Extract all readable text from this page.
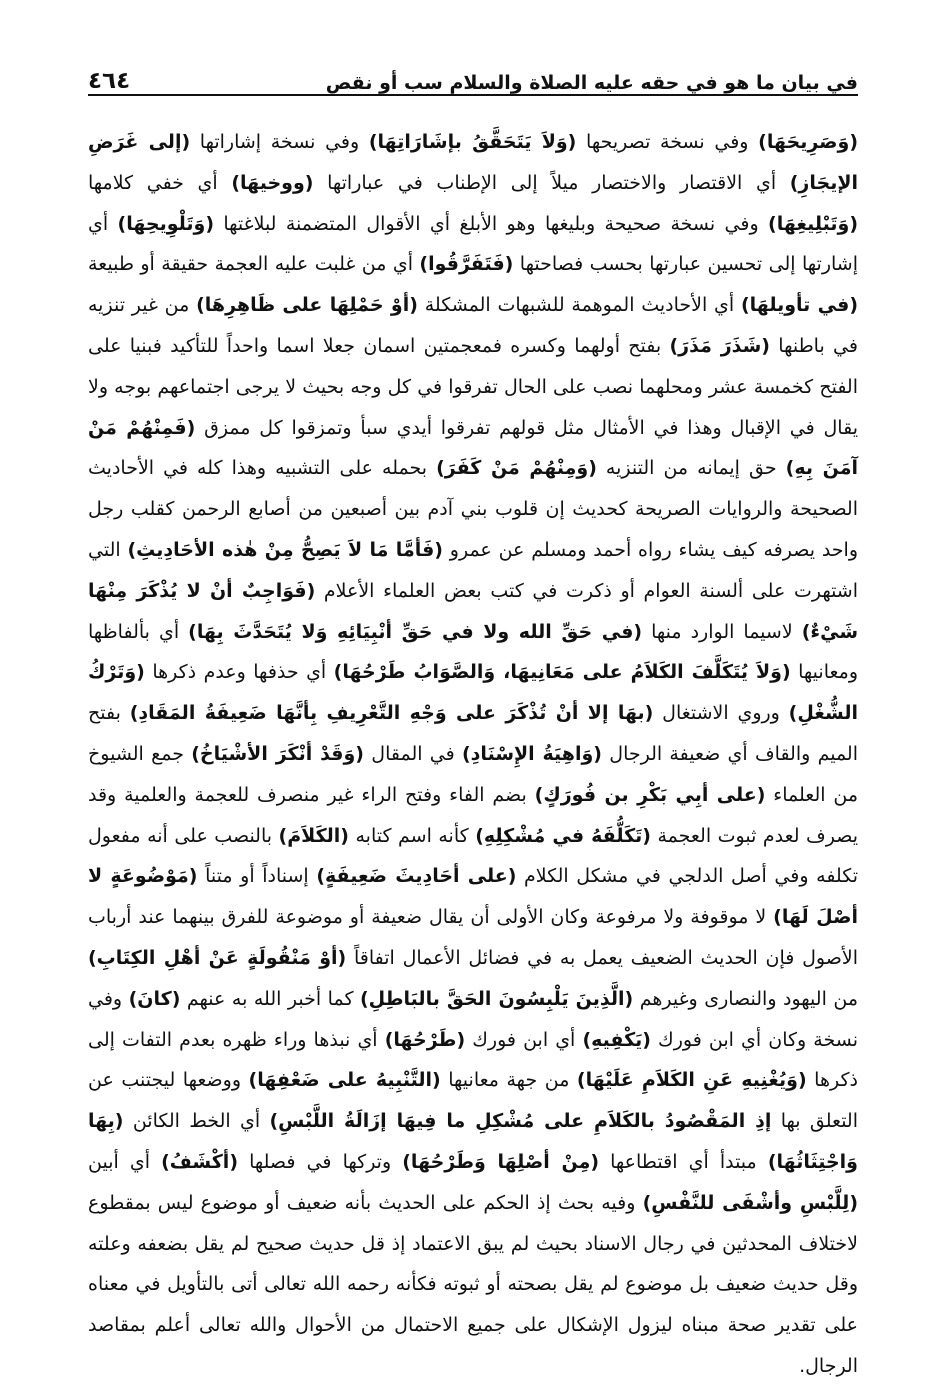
في بيان ما هو في حقه عليه الصلاة والسلام سب أو نقص
٤٦٤

(وَصَرِيحَهَا) وفي نسخة تصريحها (وَلاَ يَتَحَقَّقُ بإشَارَاتِهَا) وفي نسخة إشاراتها (إلى غَرَضِ الإيجَازِ) أي الاقتصار والاختصار ميلاً إلى الإطناب في عباراتها (ووخيهَا) أي خفي كلامها (وَتَبْلِيغِهَا) وفي نسخة صحيحة وبليغها وهو الأبلغ أي الأقوال المتضمنة لبلاغتها (وَتَلْوِيحِهَا) أي إشارتها إلى تحسين عبارتها بحسب فصاحتها (فَتَفَرَّقُوا) أي من غلبت عليه العجمة حقيقة أو طبيعة (في تأويلهَا) أي الأحاديث الموهمة للشبهات المشكلة (أوْ حَمْلِهَا على ظَاهِرِهَا) من غير تنزيه في باطنها (شَذَرَ مَذَرَ) بفتح أولهما وكسره فمعجمتين اسمان جعلا اسما واحداً للتأكيد فبنيا على الفتح كخمسة عشر ومحلهما نصب على الحال تفرقوا في كل وجه بحيث لا يرجى اجتماعهم بوجه ولا يقال في الإقبال وهذا في الأمثال مثل قولهم تفرقوا أيدي سبأ وتمزقوا كل ممزق (فَمِنْهُمْ مَنْ آمَنَ بِهِ) حق إيمانه من التنزيه (وَمِنْهُمْ مَنْ كَفَرَ) بحمله على التشبيه وهذا كله في الأحاديث الصحيحة والروايات الصريحة كحديث إن قلوب بني آدم بين أصبعين من أصابع الرحمن كقلب رجل واحد يصرفه كيف يشاء رواه أحمد ومسلم عن عمرو (فَأمَّا مَا لاَ يَصِحُّ مِنْ هٰذه الأحَادِيثِ) التي اشتهرت على ألسنة العوام أو ذكرت في كتب بعض العلماء الأعلام (فَوَاجِبٌ أنْ لا يُذْكَرَ مِنْهَا شَيْءٌ) لاسيما الوارد منها (في حَقِّ الله ولا في حَقِّ أنْبِيَائِهِ وَلا يُتَحَدَّثَ بِهَا) أي بألفاظها ومعانيها (وَلاَ يُتَكَلَّفَ الكَلاَمُ على مَعَانِيهَا، وَالصَّوَابُ طَرْحُهَا) أي حذفها وعدم ذكرها (وَتَرْكُ الشُّغْلِ) وروي الاشتغال (بهَا إلا أنْ تُذْكَرَ على وَجْهِ التَّعْرِيفِ بِأنَّهَا ضَعِيفَةُ المَقَادِ) بفتح الميم والقاف أي ضعيفة الرجال (وَاهِيَةُ الإِسْنَادِ) في المقال (وَقَدْ أنْكَرَ الأشْيَاخُ) جمع الشيوخ من العلماء (على أبِي بَكْرِ بن فُورَكٍ) بضم الفاء وفتح الراء غير منصرف للعجمة والعلمية وقد يصرف لعدم ثبوت العجمة (تَكَلُّفَهُ في مُشْكِلِهِ) كأنه اسم كتابه (الكَلاَمَ) بالنصب على أنه مفعول تكلفه وفي أصل الدلجي في مشكل الكلام (على أحَادِيثَ ضَعِيفَةٍ) إسناداً أو متناً (مَوْضُوعَةٍ لا أصْلَ لَهَا) لا موقوفة ولا مرفوعة وكان الأولى أن يقال ضعيفة أو موضوعة للفرق بينهما عند أرباب الأصول فإن الحديث الضعيف يعمل به في فضائل الأعمال اتفاقاً (أوْ مَنْقُولَةٍ عَنْ أهْلِ الكِتَابِ) من اليهود والنصارى وغيرهم (الَّذِينَ يَلْبِسُونَ الحَقَّ بالبَاطِلِ) كما أخبر الله به عنهم (كانَ) وفي نسخة وكان أي ابن فورك (يَكْفِيهِ) أي ابن فورك (طَرْحُهَا) أي نبذها وراء ظهره بعدم التفات إلى ذكرها (وَيُغْنِيهِ عَنِ الكَلاَمِ عَلَيْهَا) من جهة معانيها (التَّنْبِيهُ على ضَعْفِهَا) ووضعها ليجتنب عن التعلق بها إذِ المَقْصُودُ بالكَلاَمِ على مُشْكِلِ ما فِيهَا إزَالَةُ اللَّبْسِ) أي الخط الكائن (بِهَا وَاجْتِثَاثُهَا) مبتدأ أي اقتطاعها (مِنْ أصْلِهَا وَطَرْحُهَا) وتركها في فصلها (أكْشَفُ) أي أبين (لِلَّبْسِ وأشْفَى للنَّفْسِ) وفيه بحث إذ الحكم على الحديث بأنه ضعيف أو موضوع ليس بمقطوع لاختلاف المحدثين في رجال الاسناد بحيث لم يبق الاعتماد إذ قل حديث صحيح لم يقل بضعفه وعلته وقل حديث ضعيف بل موضوع لم يقل بصحته أو ثبوته فكأنه رحمه الله تعالى أتى بالتأويل في معناه على تقدير صحة مبناه ليزول الإشكال على جميع الاحتمال من الأحوال والله تعالى أعلم بمقاصد الرجال.
